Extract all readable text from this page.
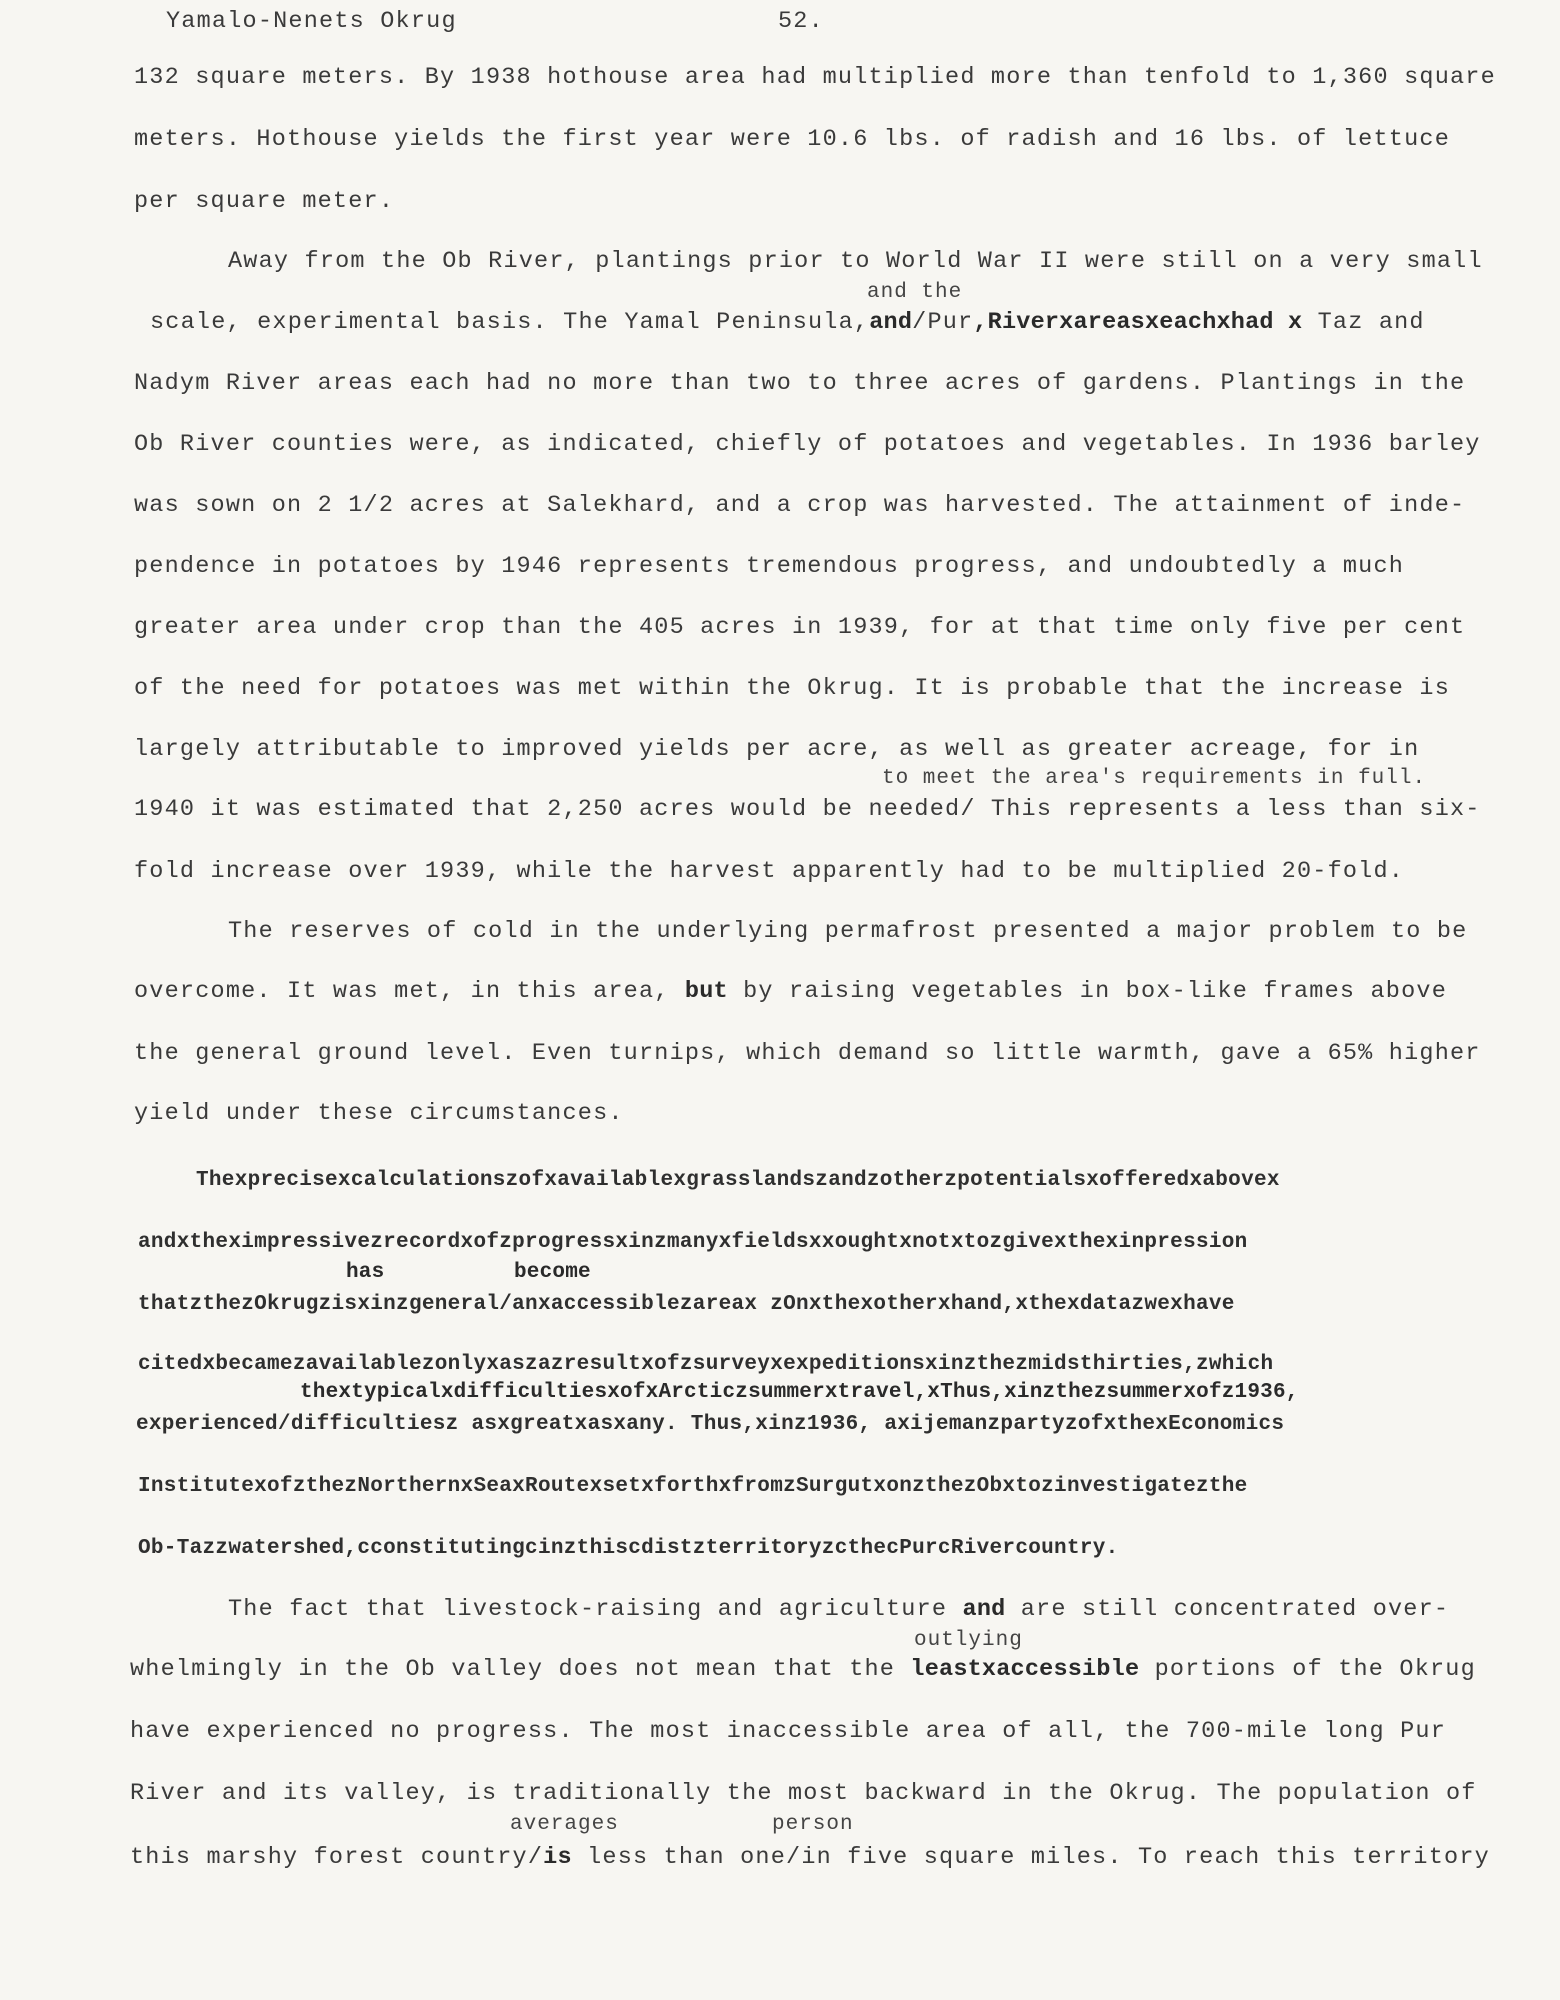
Yamalo-Nenets Okrug	52.
132 square meters. By 1938 hothouse area had multiplied more than tenfold to 1,360 square
meters. Hothouse yields the first year were 10.6 lbs. of radish and 16 lbs. of lettuce
per square meter.
Away from the Ob River, plantings prior to World War II were still on a very small
and the
scale, experimental basis. The Yamal Peninsula,and/Pur,Riverxareasxeachxhad x Taz and
Nadym River areas each had no more than two to three acres of gardens. Plantings in the
Ob River counties were, as indicated, chiefly of potatoes and vegetables. In 1936 barley
was sown on 2 1/2 acres at Salekhard, and a crop was harvested. The attainment of inde-
pendence in potatoes by 1946 represents tremendous progress, and undoubtedly a much
greater area under crop than the 405 acres in 1939, for at that time only five per cent
of the need for potatoes was met within the Okrug. It is probable that the increase is
largely attributable to improved yields per acre, as well as greater acreage, for in
to meet the area's requirements in full.
1940 it was estimated that 2,250 acres would be needed/ This represents a less than six-
fold increase over 1939, while the harvest apparently had to be multiplied 20-fold.
The reserves of cold in the underlying permafrost presented a major problem to be
overcome. It was met, in this area, but by raising vegetables in box-like frames above
the general ground level. Even turnips, which demand so little warmth, gave a 65% higher
yield under these circumstances.
Thexprecisexcalculationszofxavailablexgrasslandszandzotherzpotentialsxofferedxabovex
andxtheximpressivezrecordxofzprogressxinzmanyxfieldsxxoughtxnotxtozgivexthexinpression
has	become
thatzthezOkrugzisxinzgeneral/anxaccessiblezareax zOnxthexotherxhand,xthexdatazwexhave
citedxbecamezavailablezonlyxaszazresultxofzsurveyxexpeditionsxinzthezmidsthirties,zwhich
thextypicalxdifficultiesxofxArcticzsummerxtravel,xThus,xinzthezsummerxofz1936,
experienced/difficultiesz asxgreatxasxany. Thus,xinz1936, axijemanzpartyzofxthexEconomics
InstitutexofzthezNorthernxSeaxRoutexsetxforthxfromzSurgutxonzthezObxtozinvestigatezthe
Ob-Tazzwatershed,cconstitutingcinzthiscdistzterritoryzcthecPurcRivercountry.
The fact that livestock-raising and agriculture and are still concentrated over-
outlying
whelmingly in the Ob valley does not mean that the leastxaccessible portions of the Okrug
have experienced no progress. The most inaccessible area of all, the 700-mile long Pur
River and its valley, is traditionally the most backward in the Okrug. The population of
averages	person
this marshy forest country/is less than one/in five square miles. To reach this territory
